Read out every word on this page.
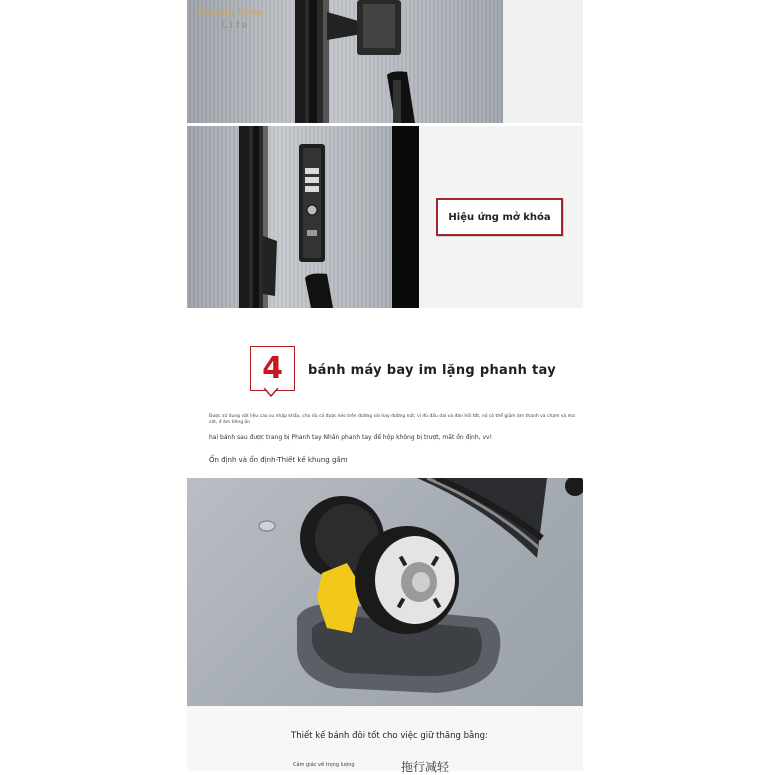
Shuang Dong
Life
Hiệu ứng mở khóa
4 bánh máy bay im lặng phanh tay
Được sử dụng vật liệu cao su nhập khẩu, cho dù có được kéo trên đường sỏi hay đường nứt, vì đủ đầu dai và đàn hồi tốt, nó có thể giảm âm thanh va chạm và ma sát, 4 âm tiếng ồn
hai bánh sau được trang bị Phanh tay Nhấn phanh tay để hộp không bị trượt, mất ổn định, vv!
Ổn định và ổn định-Thiết kế khung gầm
Thiết kế bánh đôi tốt cho việc giữ thăng bằng:
Cảm giác về trọng lượng	拖行减轻
